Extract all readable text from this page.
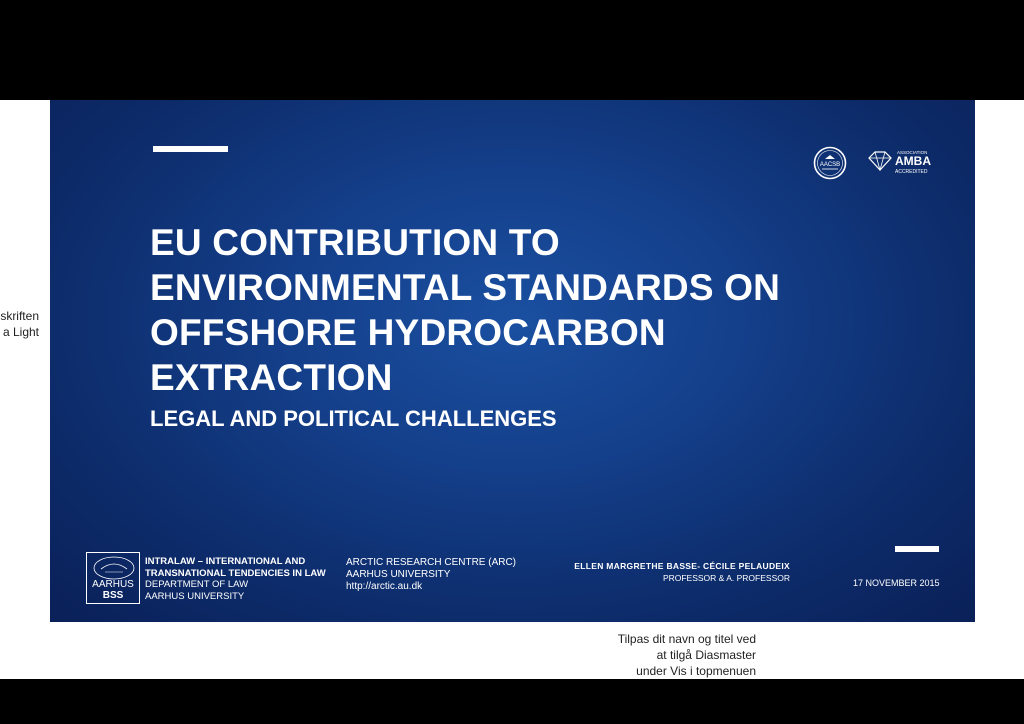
skriften
a Light
AACSB
ASSOCIATION
AMBA
ACCREDITED
EU CONTRIBUTION TO
ENVIRONMENTAL STANDARDS ON
OFFSHORE HYDROCARBON
EXTRACTION
LEGAL AND POLITICAL CHALLENGES
AARHUS
BSS
INTRALAW – INTERNATIONAL AND
TRANSNATIONAL TENDENCIES IN LAW
DEPARTMENT OF LAW
AARHUS UNIVERSITY
ARCTIC RESEARCH CENTRE (ARC)
AARHUS UNIVERSITY
http://arctic.au.dk
ELLEN MARGRETHE BASSE- CÉCILE PELAUDEIX
PROFESSOR & A. PROFESSOR	17 NOVEMBER 2015
Tilpas dit navn og titel ved
at tilgå Diasmaster
under Vis i topmenuen
